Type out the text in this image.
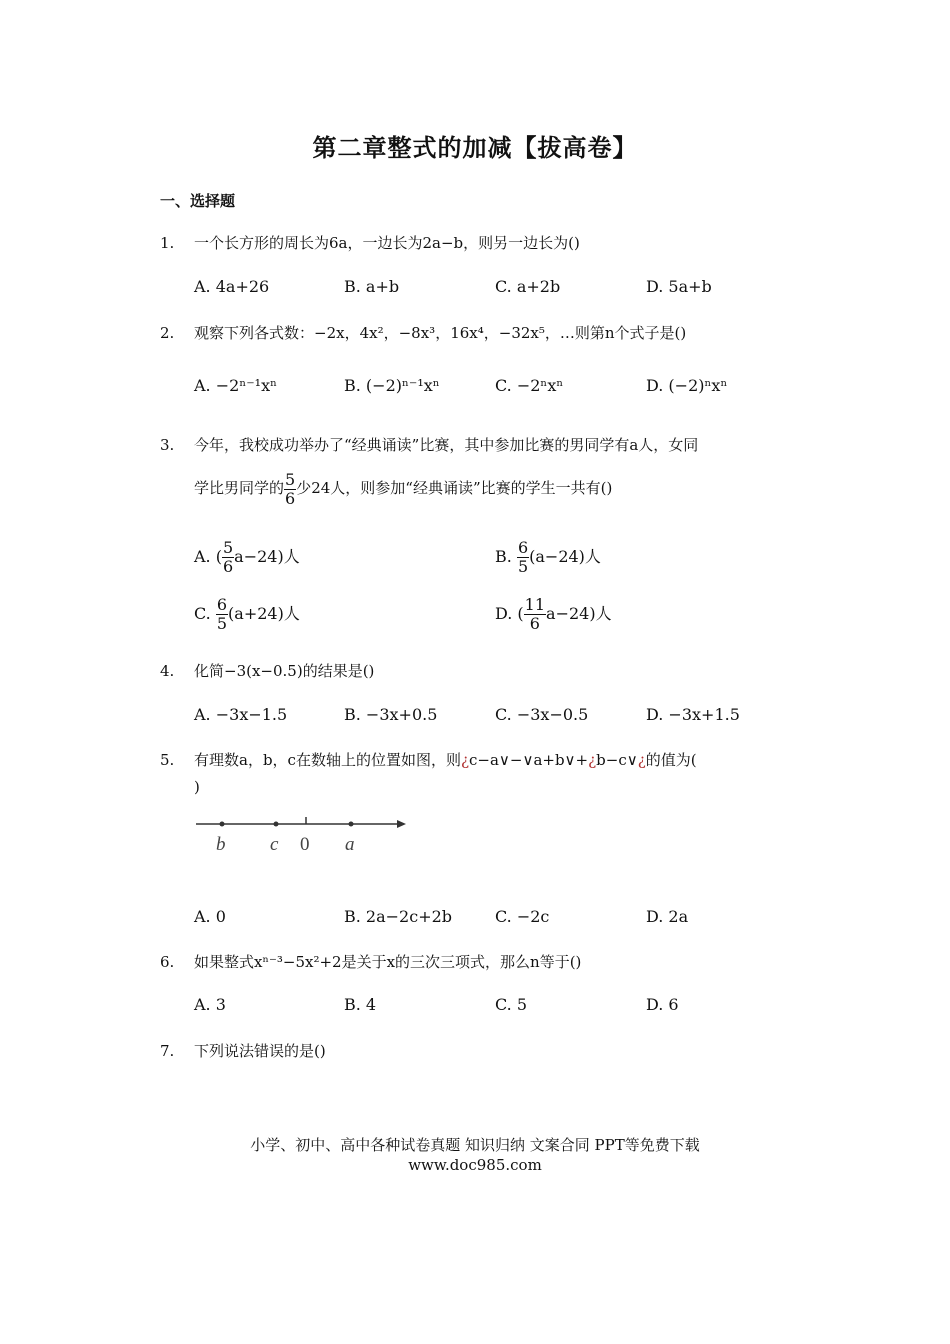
第二章整式的加减【拔高卷】
一、选择题
1.	一个长方形的周长为6a，一边长为2a−b，则另一边长为()
A. 4a+26	B. a+b	C. a+2b	D. 5a+b
2.	观察下列各式数：−2x，4x²，−8x³，16x⁴，−32x⁵，…则第n个式子是()
A. −2ⁿ⁻¹xⁿ	B. (−2)ⁿ⁻¹xⁿ	C. −2ⁿxⁿ	D. (−2)ⁿxⁿ
3.	今年，我校成功举办了“经典诵读”比赛，其中参加比赛的男同学有a人，女同
学比男同学的 $\frac{5}{6}$ 少24人，则参加“经典诵读”比赛的学生一共有()
A. ( $\frac{5}{6} a-24$)人	B. $\frac{6}{5} (a-24)$人
C. $\frac{6}{5} (a+24)$人	D. ( $\frac{11}{6} a-24$)人
4.	化简−3(x−0.5)的结果是()
A. −3x−1.5	B. −3x+0.5	C. −3x−0.5	D. −3x+1.5
5.	有理数a，b，c在数轴上的位置如图，则¿c−a∨−∨a+b∨+¿b−c∨¿的值为(
)
b c 0 a
A. 0	B. 2a−2c+2b	C. −2c	D. 2a
6.	如果整式xⁿ⁻³−5x²+2是关于x的三次三项式，那么n等于()
A. 3	B. 4	C. 5	D. 6
7.	下列说法错误的是()
小学、初中、高中各种试卷真题 知识归纳 文案合同 PPT等免费下载
www.doc985.com
